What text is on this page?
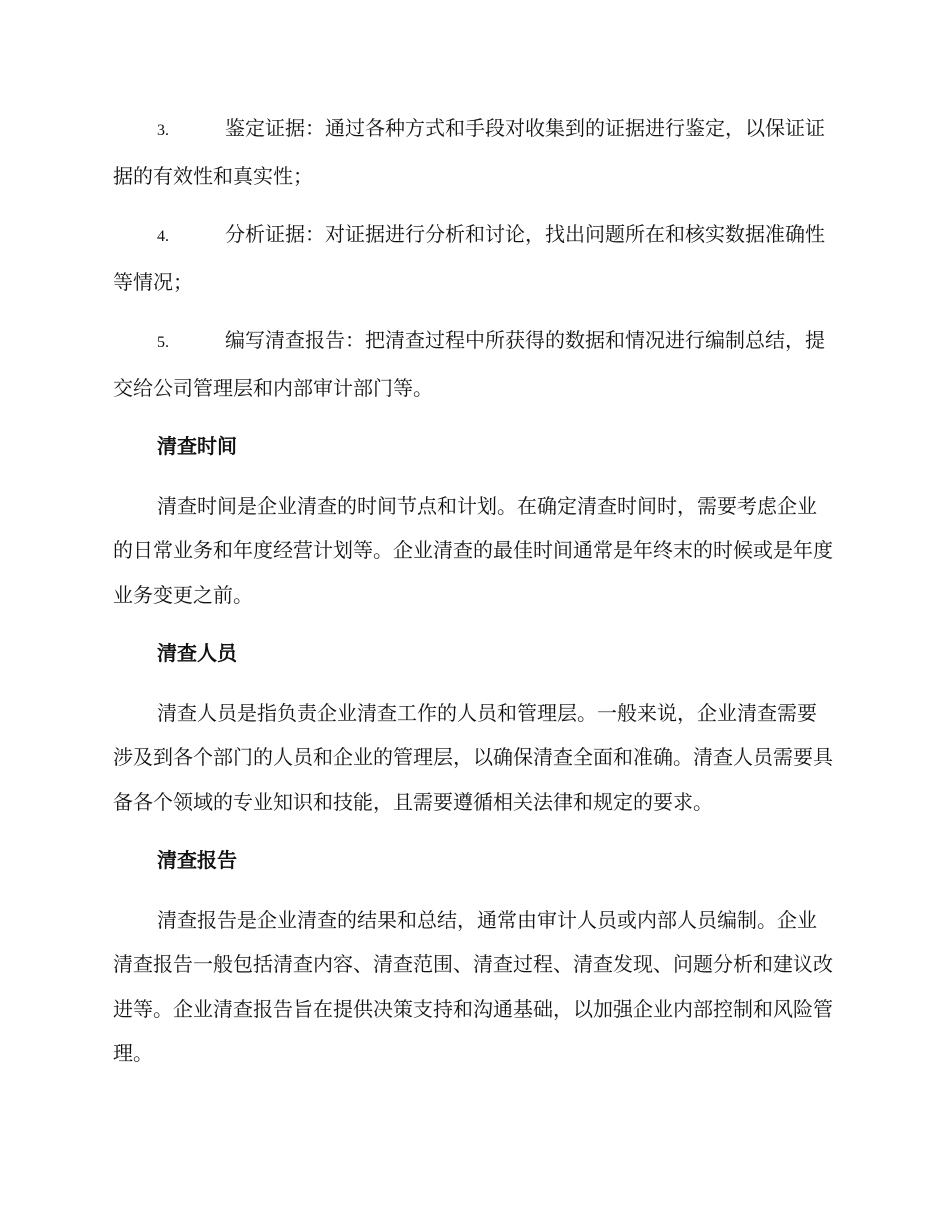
3.	鉴定证据：通过各种方式和手段对收集到的证据进行鉴定，以保证证据的有效性和真实性；

4.	分析证据：对证据进行分析和讨论，找出问题所在和核实数据准确性等情况；

5.	编写清查报告：把清查过程中所获得的数据和情况进行编制总结，提交给公司管理层和内部审计部门等。

清查时间

清查时间是企业清查的时间节点和计划。在确定清查时间时，需要考虑企业的日常业务和年度经营计划等。企业清查的最佳时间通常是年终末的时候或是年度业务变更之前。

清查人员

清查人员是指负责企业清查工作的人员和管理层。一般来说，企业清查需要涉及到各个部门的人员和企业的管理层，以确保清查全面和准确。清查人员需要具备各个领域的专业知识和技能，且需要遵循相关法律和规定的要求。

清查报告

清查报告是企业清查的结果和总结，通常由审计人员或内部人员编制。企业清查报告一般包括清查内容、清查范围、清查过程、清查发现、问题分析和建议改进等。企业清查报告旨在提供决策支持和沟通基础，以加强企业内部控制和风险管理。
